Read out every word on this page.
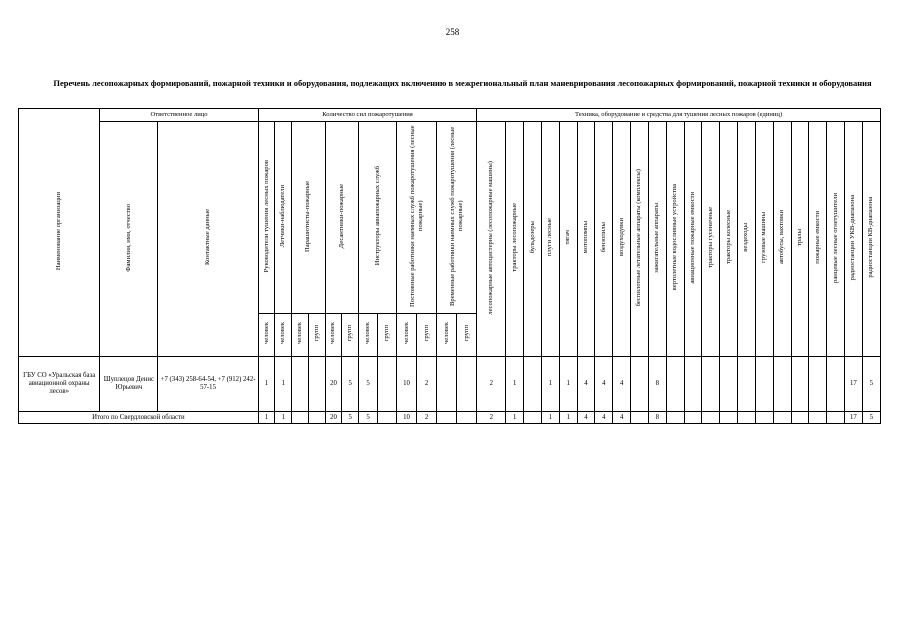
258
Перечень лесопожарных формирований, пожарной техники и оборудования, подлежащих включению в межрегиональный план маневрирования лесопожарных формирований, пожарной техники и оборудования
Наименование организации	Ответственное лицо		Количество сил пожаротушения												Техника, оборудование и средства для тушения лесных пожаров (единиц)																					
	Фамилия, имя, отчество	Контактные данные	Руководители тушения лесных пожаров	Летчики-наблюдатели	Парашютисты-пожарные		Десантники-пожарные		Инструкторы авиапожарных служб		Постоянные работники наемных служб пожаротушения (лесные пожарные)		Временные работники наемных служб пожаротушения (лесные пожарные)		лесопожарные автоцистерны (лесопожарные машины)	тракторы лесопожарные	бульдозеры	плуги лесные	тягач	мотопомпы	бензопилы	воздуходувки	беспилотные летательные аппараты (комплексы)	зажигательные аппараты	вертолетные водосливные устройства	авиационные пожарные емкости	тракторы гусеничные	тракторы колесные	вездеходы	грузовые машины	автобусы, вахтовки	тралы	пожарные емкости	ранцевые лесные огнетушители	радиостанции УКВ-диапазона	радиостанции КВ-диапазона
			человек	человек	человек	групп	человек	групп	человек	групп	человек	групп	человек	групп																						
ГБУ СО «Уральская база авиационной охраны лесов»	Шуплецов Денис Юрьевич	+7 (343) 258-64-54, +7 (912) 242-57-15	1	1			20	5	5		10	2			2	1		1	1	4	4	4		8											17	5
Итого по Свердловской области			1	1			20	5	5		10	2			2	1		1	1	4	4	4		8											17	5
